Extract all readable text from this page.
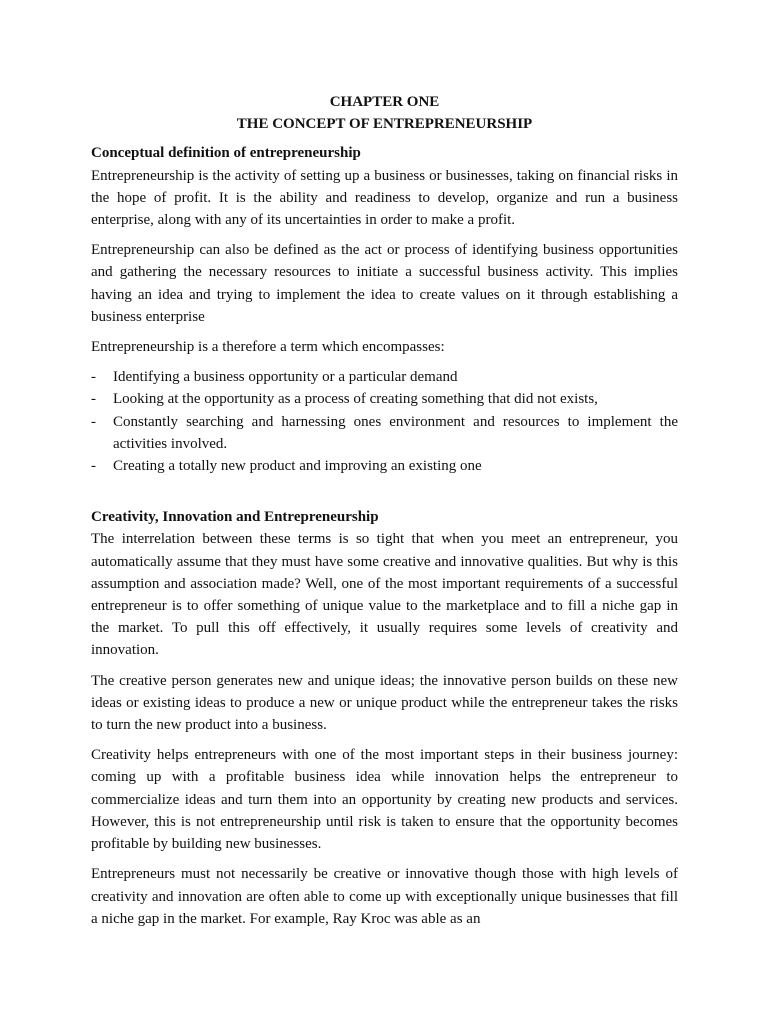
CHAPTER ONE

THE CONCEPT OF ENTREPRENEURSHIP

Conceptual definition of entrepreneurship

Entrepreneurship is the activity of setting up a business or businesses, taking on financial risks in the hope of profit. It is the ability and readiness to develop, organize and run a business enterprise, along with any of its uncertainties in order to make a profit.

Entrepreneurship can also be defined as the act or process of identifying business opportunities and gathering the necessary resources to initiate a successful business activity. This implies having an idea and trying to implement the idea to create values on it through establishing a business enterprise

Entrepreneurship is a therefore a term which encompasses:

- Identifying a business opportunity or a particular demand
- Looking at the opportunity as a process of creating something that did not exists,
- Constantly searching and harnessing ones environment and resources to implement the activities involved.
- Creating a totally new product and improving an existing one

Creativity, Innovation and Entrepreneurship

The interrelation between these terms is so tight that when you meet an entrepreneur, you automatically assume that they must have some creative and innovative qualities. But why is this assumption and association made? Well, one of the most important requirements of a successful entrepreneur is to offer something of unique value to the marketplace and to fill a niche gap in the market. To pull this off effectively, it usually requires some levels of creativity and innovation.

The creative person generates new and unique ideas; the innovative person builds on these new ideas or existing ideas to produce a new or unique product while the entrepreneur takes the risks to turn the new product into a business.

Creativity helps entrepreneurs with one of the most important steps in their business journey: coming up with a profitable business idea while innovation helps the entrepreneur to commercialize ideas and turn them into an opportunity by creating new products and services. However, this is not entrepreneurship until risk is taken to ensure that the opportunity becomes profitable by building new businesses.

Entrepreneurs must not necessarily be creative or innovative though those with high levels of creativity and innovation are often able to come up with exceptionally unique businesses that fill a niche gap in the market. For example, Ray Kroc was able as an
